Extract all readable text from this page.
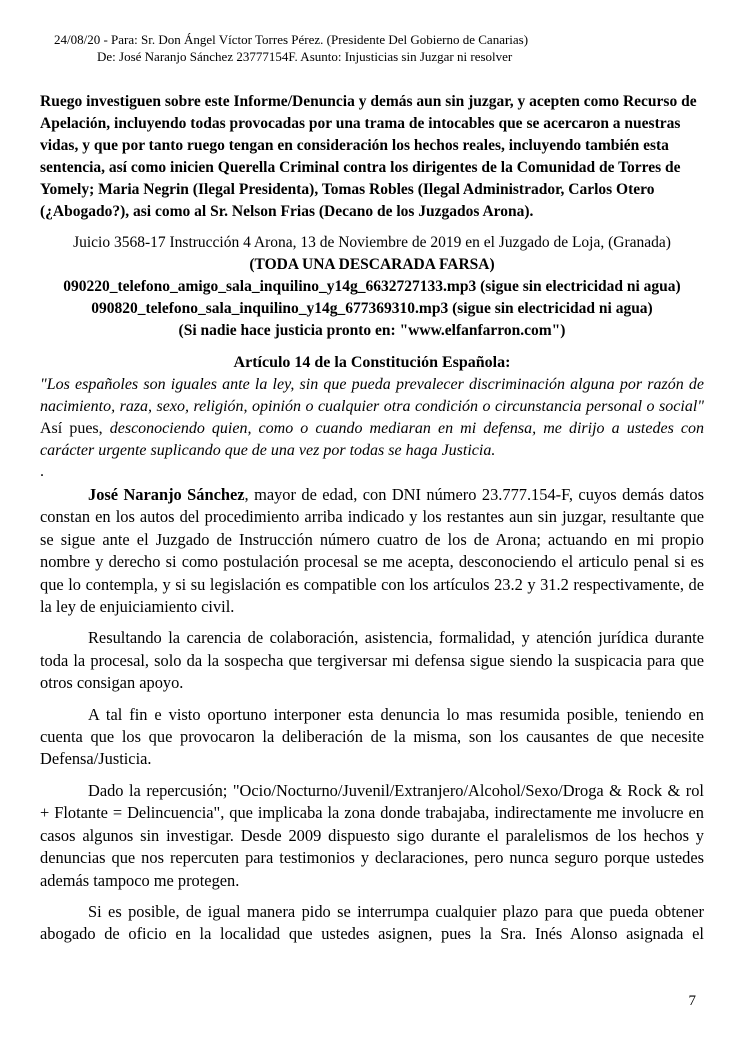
24/08/20 - Para: Sr. Don Ángel Víctor Torres Pérez. (Presidente Del Gobierno de Canarias)
De: José Naranjo Sánchez 23777154F. Asunto: Injusticias sin Juzgar ni resolver

Ruego investiguen sobre este Informe/Denuncia y demás aun sin juzgar, y acepten como Recurso de Apelación, incluyendo todas provocadas por una trama de intocables que se acercaron a nuestras vidas, y que por tanto ruego tengan en consideración los hechos reales, incluyendo también esta sentencia, así como inicien Querella Criminal contra los dirigentes de la Comunidad de Torres de Yomely; Maria Negrin (Ilegal Presidenta), Tomas Robles (Ilegal Administrador, Carlos Otero (¿Abogado?), asi como al Sr. Nelson Frias (Decano de los Juzgados Arona).

Juicio 3568-17 Instrucción 4 Arona, 13 de Noviembre de 2019 en el Juzgado de Loja, (Granada)
(TODA UNA DESCARADA FARSA)
090220_telefono_amigo_sala_inquilino_y14g_6632727133.mp3 (sigue sin electricidad ni agua)
090820_telefono_sala_inquilino_y14g_677369310.mp3 (sigue sin electricidad ni agua)
(Si nadie hace justicia pronto en: "www.elfanfarron.com")
Artículo 14 de la Constitución Española:

"Los españoles son iguales ante la ley, sin que pueda prevalecer discriminación alguna por razón de nacimiento, raza, sexo, religión, opinión o cualquier otra condición o circunstancia personal o social" Así pues, desconociendo quien, como o cuando mediaran en mi defensa, me dirijo a ustedes con carácter urgente suplicando que de una vez por todas se haga Justicia.

.

José Naranjo Sánchez, mayor de edad, con DNI número 23.777.154-F, cuyos demás datos constan en los autos del procedimiento arriba indicado y los restantes aun sin juzgar, resultante que se sigue ante el Juzgado de Instrucción número cuatro de los de Arona; actuando en mi propio nombre y derecho si como postulación procesal se me acepta, desconociendo el articulo penal si es que lo contempla, y si su legislación es compatible con los artículos 23.2 y 31.2 respectivamente, de la ley de enjuiciamiento civil.

Resultando la carencia de colaboración, asistencia, formalidad, y atención jurídica durante toda la procesal, solo da la sospecha que tergiversar mi defensa sigue siendo la suspicacia para que otros consigan apoyo.

A tal fin e visto oportuno interponer esta denuncia lo mas resumida posible, teniendo en cuenta que los que provocaron la deliberación de la misma, son los causantes de que necesite Defensa/Justicia.

Dado la repercusión; "Ocio/Nocturno/Juvenil/Extranjero/Alcohol/Sexo/Droga & Rock & rol + Flotante = Delincuencia", que implicaba la zona donde trabajaba, indirectamente me involucre en casos algunos sin investigar. Desde 2009 dispuesto sigo durante el paralelismos de los hechos y denuncias que nos repercuten para testimonios y declaraciones, pero nunca seguro porque ustedes además tampoco me protegen.

Si es posible, de igual manera pido se interrumpa cualquier plazo para que pueda obtener abogado de oficio en la localidad que ustedes asignen, pues la Sra. Inés Alonso asignada el

7
